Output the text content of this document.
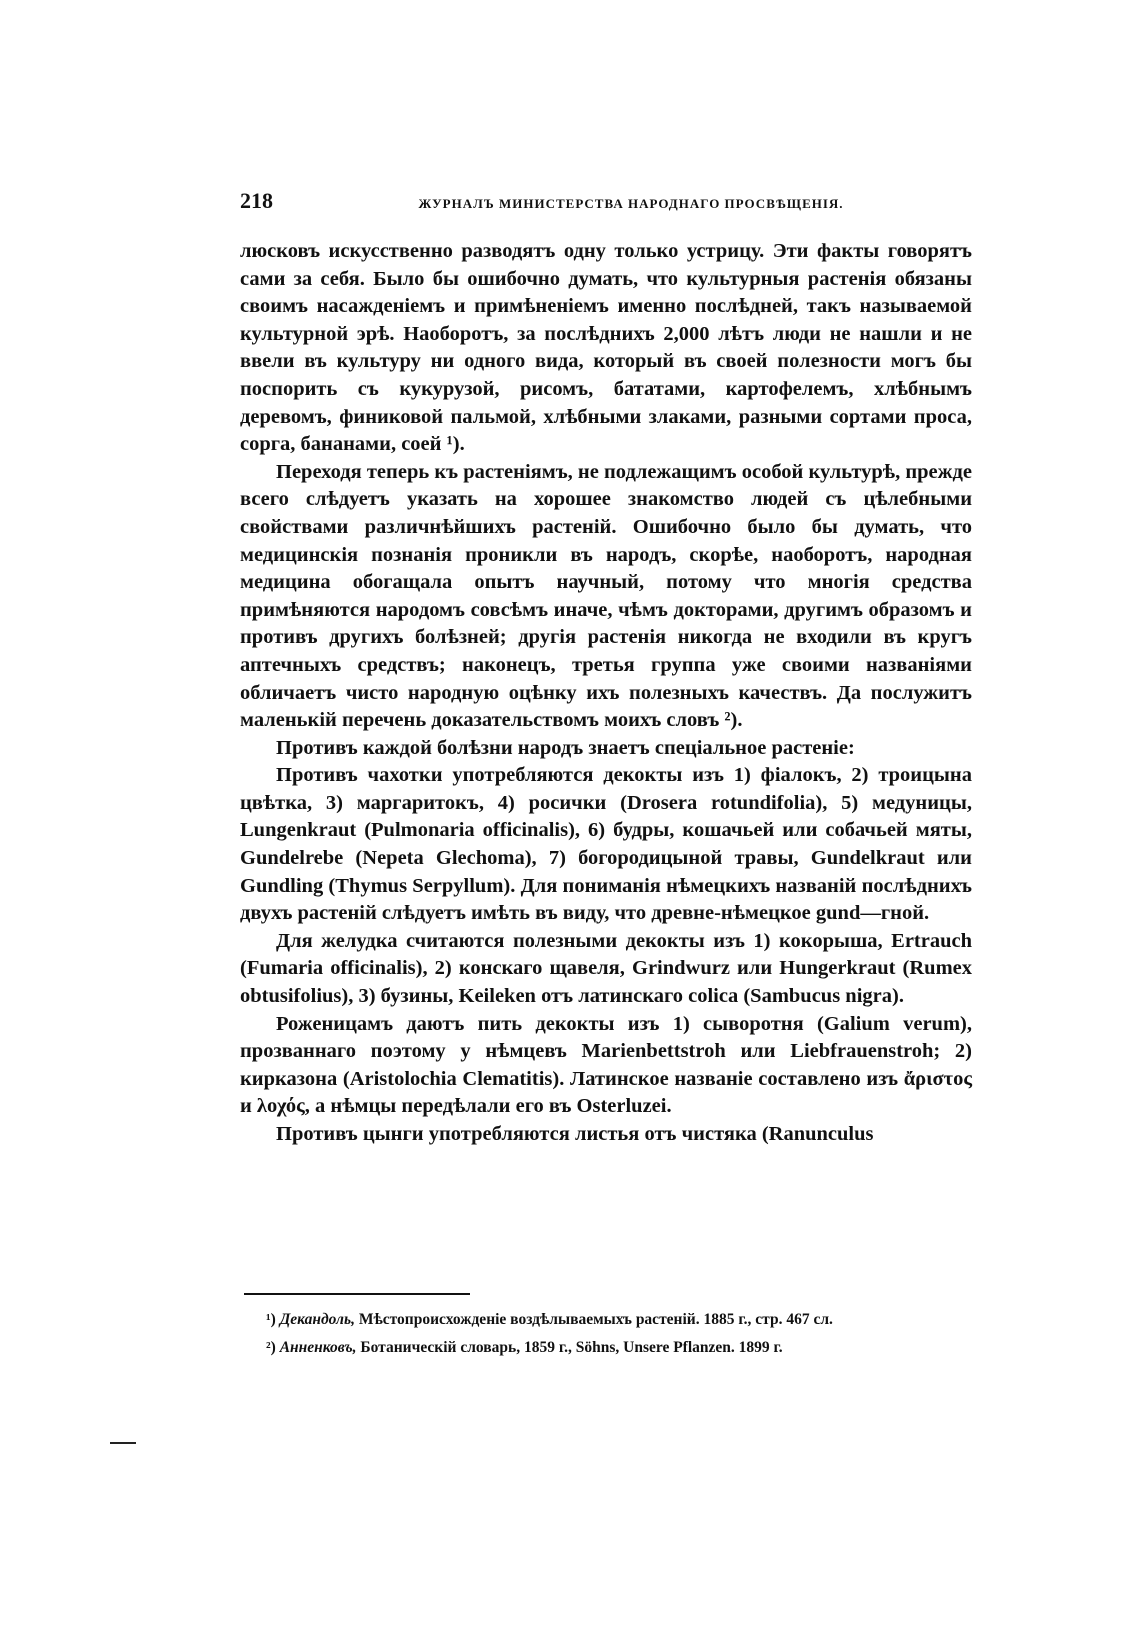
218	ЖУРНАЛЪ МИНИСТЕРСТВА НАРОДНАГО ПРОСВѢЩЕНІЯ.

люсковъ искусственно разводятъ одну только устрицу. Эти факты говорятъ сами за себя. Было бы ошибочно думать, что культурныя растенія обязаны своимъ насажденіемъ и примѣненіемъ именно послѣдней, такъ называемой культурной эрѣ. Наоборотъ, за послѣднихъ 2,000 лѣтъ люди не нашли и не ввели въ культуру ни одного вида, который въ своей полезности могъ бы поспорить съ кукурузой, рисомъ, бататами, картофелемъ, хлѣбнымъ деревомъ, финиковой пальмой, хлѣбными злаками, разными сортами проса, сорга, бананами, соей ¹).

Переходя теперь къ растеніямъ, не подлежащимъ особой культурѣ, прежде всего слѣдуетъ указать на хорошее знакомство людей съ цѣлебными свойствами различнѣйшихъ растеній. Ошибочно было бы думать, что медицинскія познанія проникли въ народъ, скорѣе, наоборотъ, народная медицина обогащала опытъ научный, потому что многія средства примѣняются народомъ совсѣмъ иначе, чѣмъ докторами, другимъ образомъ и противъ другихъ болѣзней; другія растенія никогда не входили въ кругъ аптечныхъ средствъ; наконецъ, третья группа уже своими названіями обличаетъ чисто народную оцѣнку ихъ полезныхъ качествъ. Да послужитъ маленькій перечень доказательствомъ моихъ словъ ²).

Противъ каждой болѣзни народъ знаетъ спеціальное растеніе:

Противъ чахотки употребляются декокты изъ 1) фіалокъ, 2) троицына цвѣтка, 3) маргаритокъ, 4) росички (Drosera rotundifolia), 5) медуницы, Lungenkraut (Pulmonaria officinalis), 6) будры, кошачьей или собачьей мяты, Gundelrebe (Nepeta Glechoma), 7) богородицыной травы, Gundelkraut или Gundling (Thymus Serpyllum). Для пониманія нѣмецкихъ названій послѣднихъ двухъ растеній слѣдуетъ имѣть въ виду, что древне-нѣмецкое gund—гной.

Для желудка считаются полезными декокты изъ 1) кокорыша, Ertrauch (Fumaria officinalis), 2) конскаго щавеля, Grindwurz или Hungerkraut (Rumex obtusifolius), 3) бузины, Keileken отъ латинскаго colica (Sambucus nigra).

Роженицамъ даютъ пить декокты изъ 1) сыворотня (Galium verum), прозваннаго поэтому у нѣмцевъ Marienbettstroh или Liebfrauenstroh; 2) кирказона (Aristolochia Clematitis). Латинское названіе составлено изъ ἄριστος и λοχός, а нѣмцы передѣлали его въ Osterluzei.

Противъ цынги употребляются листья отъ чистяка (Ranunculus

¹) Декандоль, Мѣстопроисхожденіе воздѣлываемыхъ растеній. 1885 г., стр. 467 сл.

²) Анненковъ, Ботаническій словарь, 1859 г., Söhns, Unsere Pflanzen. 1899 г.
